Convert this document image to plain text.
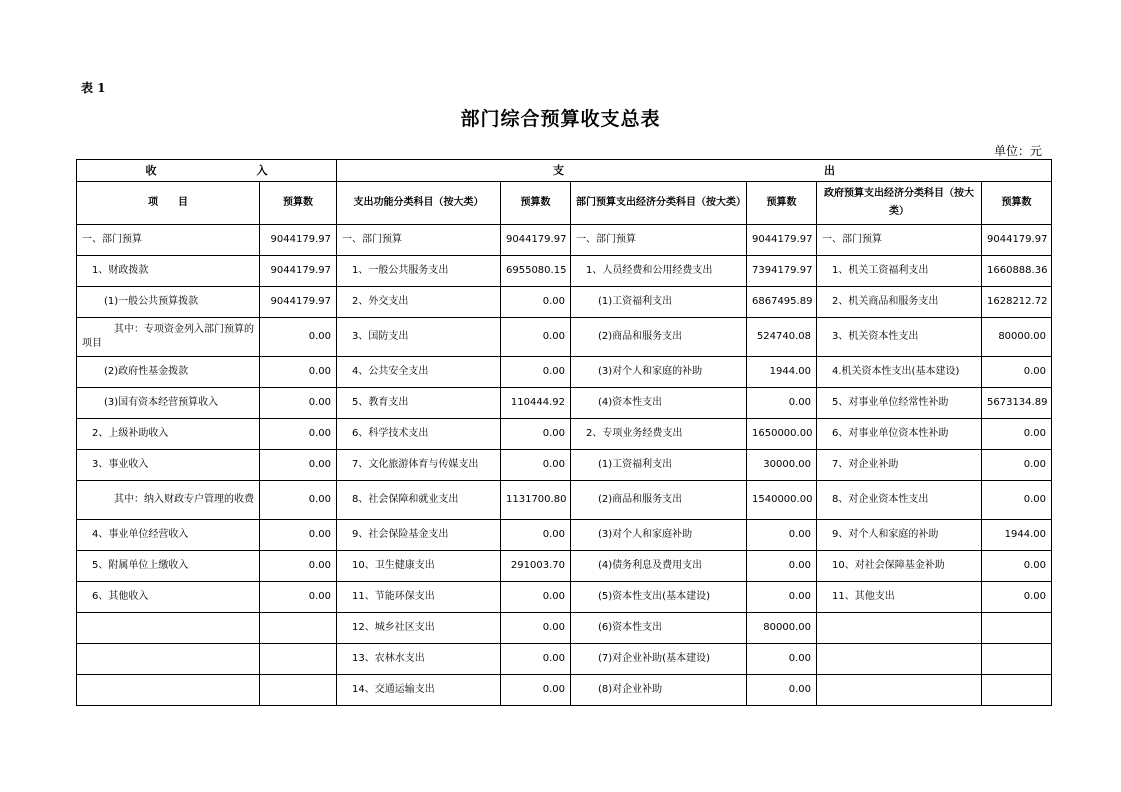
表 1
部门综合预算收支总表
单位：元
收 入		支 出					
项　　目	预算数	支出功能分类科目（按大类）	预算数	部门预算支出经济分类科目（按大类）	预算数	政府预算支出经济分类科目（按大类）	预算数
一、部门预算	9044179.97	一、部门预算	9044179.97	一、部门预算	9044179.97	一、部门预算	9044179.97
1、财政拨款	9044179.97	1、一般公共服务支出	6955080.15	1、人员经费和公用经费支出	7394179.97	1、机关工资福利支出	1660888.36
(1)一般公共预算拨款	9044179.97	2、外交支出	0.00	(1)工资福利支出	6867495.89	2、机关商品和服务支出	1628212.72
其中：专项资金列入部门预算的项目	0.00	3、国防支出	0.00	(2)商品和服务支出	524740.08	3、机关资本性支出	80000.00
(2)政府性基金拨款	0.00	4、公共安全支出	0.00	(3)对个人和家庭的补助	1944.00	4.机关资本性支出(基本建设)	0.00
(3)国有资本经营预算收入	0.00	5、教育支出	110444.92	(4)资本性支出	0.00	5、对事业单位经常性补助	5673134.89
2、上级补助收入	0.00	6、科学技术支出	0.00	2、专项业务经费支出	1650000.00	6、对事业单位资本性补助	0.00
3、事业收入	0.00	7、文化旅游体育与传媒支出	0.00	(1)工资福利支出	30000.00	7、对企业补助	0.00
其中：纳入财政专户管理的收费	0.00	8、社会保障和就业支出	1131700.80	(2)商品和服务支出	1540000.00	8、对企业资本性支出	0.00
4、事业单位经营收入	0.00	9、社会保险基金支出	0.00	(3)对个人和家庭补助	0.00	9、对个人和家庭的补助	1944.00
5、附属单位上缴收入	0.00	10、卫生健康支出	291003.70	(4)债务利息及费用支出	0.00	10、对社会保障基金补助	0.00
6、其他收入	0.00	11、节能环保支出	0.00	(5)资本性支出(基本建设)	0.00	11、其他支出	0.00
		12、城乡社区支出	0.00	(6)资本性支出	80000.00		
		13、农林水支出	0.00	(7)对企业补助(基本建设)	0.00		
		14、交通运输支出	0.00	(8)对企业补助	0.00		
